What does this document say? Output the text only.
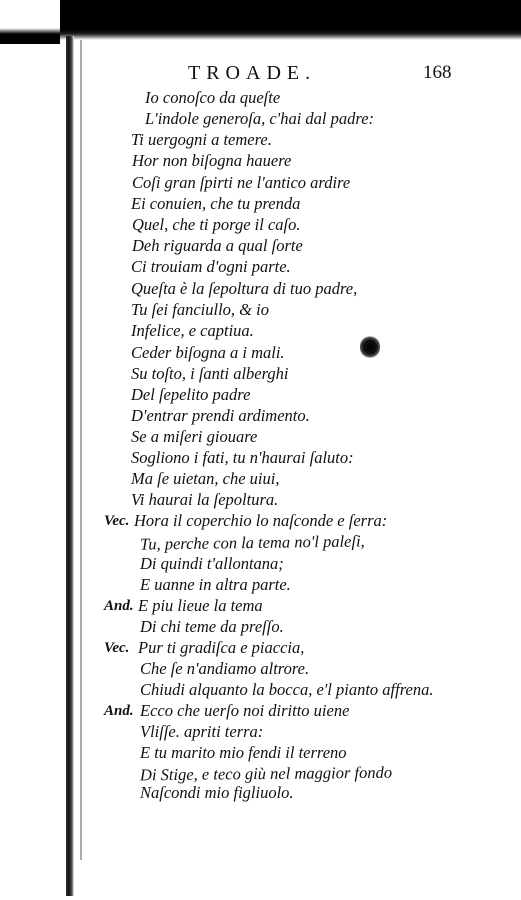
TROADE.	168
Io conoſco da queſte
L'indole generoſa, c'hai dal padre:
Ti uergogni a temere.
Hor non biſogna hauere
Coſi gran ſpirti ne l'antico ardire
Ei conuien, che tu prenda
Quel, che ti porge il caſo.
Deh riguarda a qual ſorte
Ci trouiam d'ogni parte.
Queſta è la ſepoltura di tuo padre,
Tu ſei fanciullo, & io
Infelice, e captiua.
Ceder biſogna a i mali.
Su toſto, i ſanti alberghi
Del ſepelito padre
D'entrar prendi ardimento.
Se a miſeri giouare
Sogliono i fati, tu n'haurai ſaluto:
Ma ſe uietan, che uiui,
Vi haurai la ſepoltura.
Vec. Hora il coperchio lo naſconde e ſerra:
Tu, perche con la tema no'l paleſi,
Di quindi t'allontana;
E uanne in altra parte.
And. E piu lieue la tema
Di chi teme da preſſo.
Vec. Pur ti gradiſca e piaccia,
Che ſe n'andiamo altrore.
Chiudi alquanto la bocca, e'l pianto affrena.
And. Ecco che uerſo noi diritto uiene
Vliſſe. apriti terra:
E tu marito mio fendi il terreno
Di Stige, e teco giù nel maggior fondo
Naſcondi mio figliuolo.
